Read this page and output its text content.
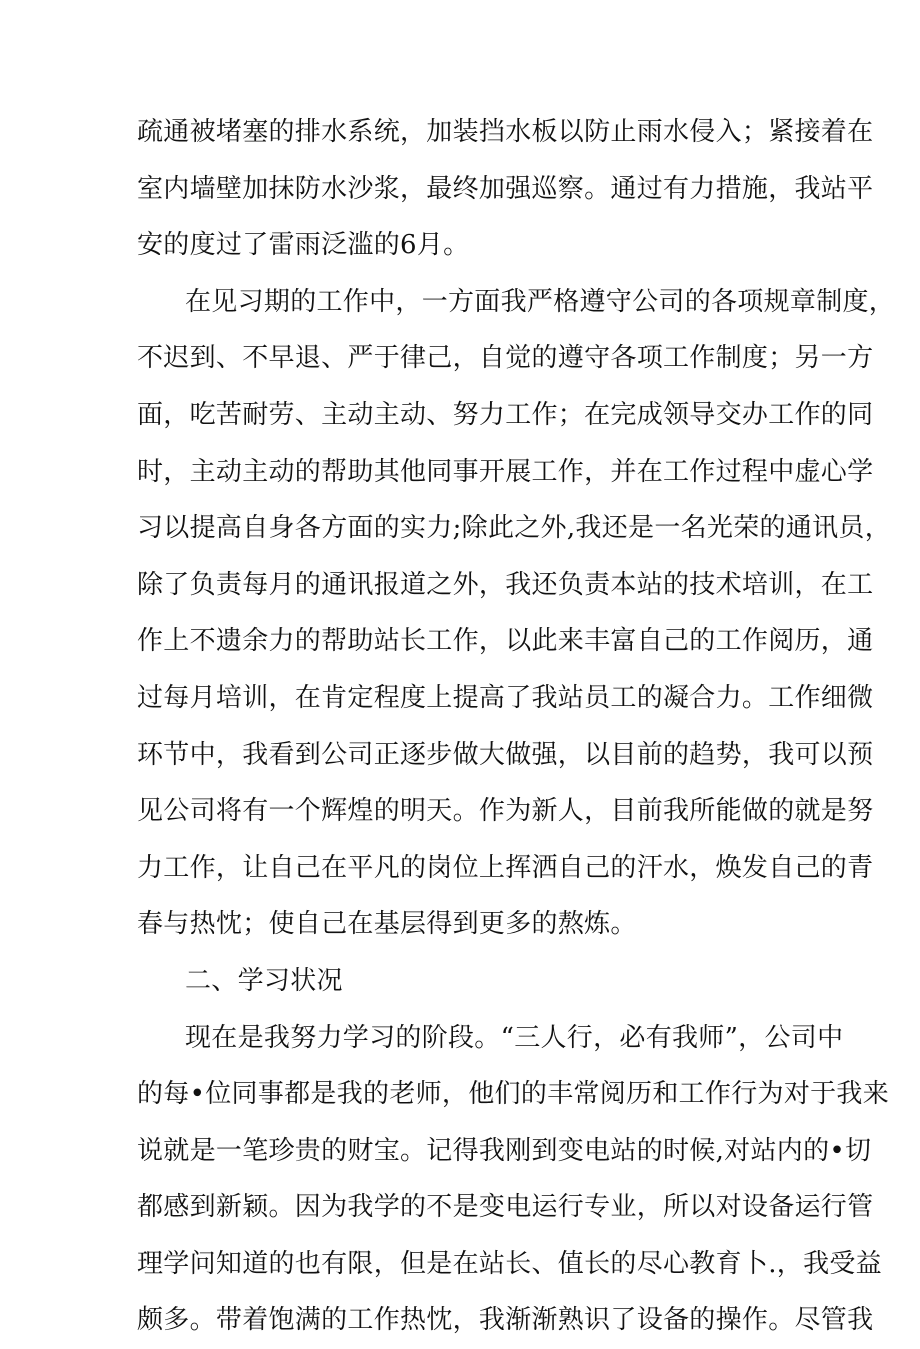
疏通被堵塞的排水系统，加装挡水板以防止雨水侵入；紧接着在
室内墙壁加抹防水沙浆，最终加强巡察。通过有力措施，我站平
安的度过了雷雨泛滥的6月。
在见习期的工作中，一方面我严格遵守公司的各项规章制度，
不迟到、不早退、严于律己，自觉的遵守各项工作制度；另一方
面，吃苦耐劳、主动主动、努力工作；在完成领导交办工作的同
时，主动主动的帮助其他同事开展工作，并在工作过程中虚心学
习以提高自身各方面的实力;除此之外,我还是一名光荣的通讯员，
除了负责每月的通讯报道之外，我还负责本站的技术培训，在工
作上不遗余力的帮助站长工作，以此来丰富自己的工作阅历，通
过每月培训，在肯定程度上提高了我站员工的凝合力。工作细微
环节中，我看到公司正逐步做大做强，以目前的趋势，我可以预
见公司将有一个辉煌的明天。作为新人，目前我所能做的就是努
力工作，让自己在平凡的岗位上挥洒自己的汗水，焕发自己的青
春与热忱；使自己在基层得到更多的熬炼。
二、学习状况
现在是我努力学习的阶段。“三人行，必有我师”，公司中
的每•位同事都是我的老师，他们的丰常阅历和工作行为对于我来
说就是一笔珍贵的财宝。记得我刚到变电站的时候,对站内的•切
都感到新颖。因为我学的不是变电运行专业，所以对设备运行管
理学问知道的也有限，但是在站长、值长的尽心教育卜.，我受益
颇多。带着饱满的工作热忱，我渐渐熟识了设备的操作。尽管我
